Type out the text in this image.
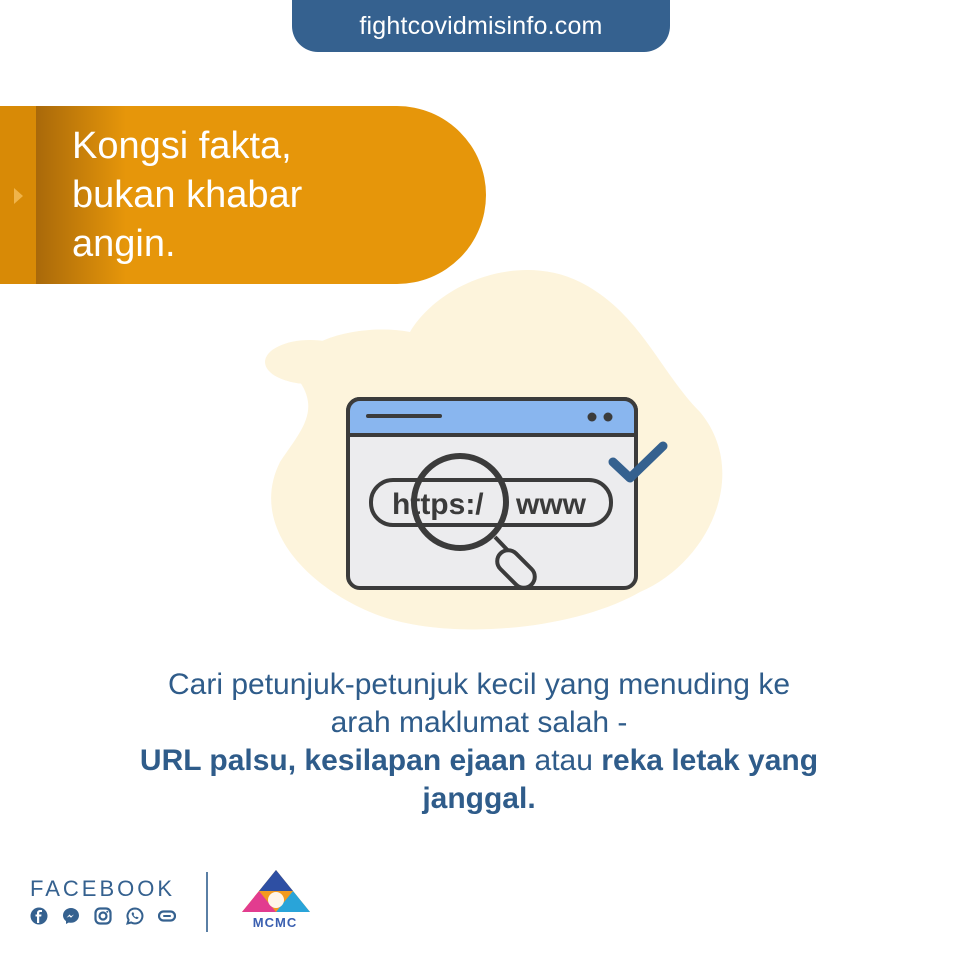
fightcovidmisinfo.com
Kongsi fakta,
bukan khabar
angin.
https:/ www
Cari petunjuk-petunjuk kecil yang menuding ke
arah maklumat salah -
URL palsu, kesilapan ejaan atau reka letak yang
janggal.
FACEBOOK
MCMC
